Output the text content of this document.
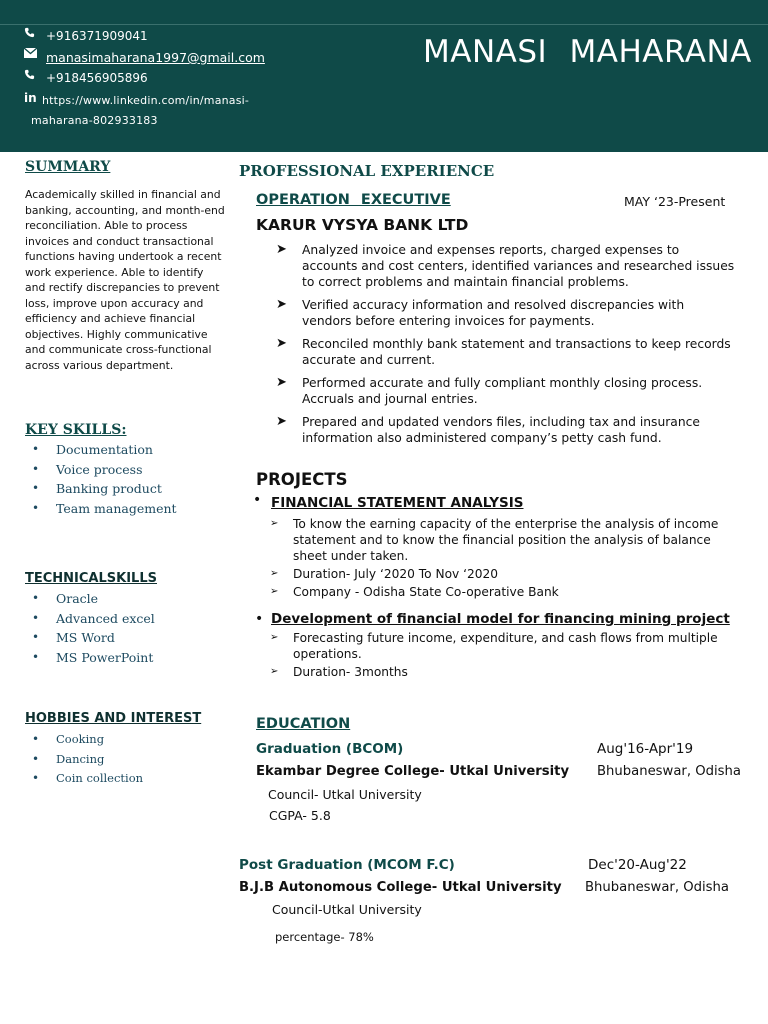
+916371909041
manasimaharana1997@gmail.com
+918456905896
in https://www.linkedin.com/in/manasi-
maharana-802933183
MANASI MAHARANA
SUMMARY
Academically skilled in financial and banking, accounting, and month-end reconciliation. Able to process invoices and conduct transactional functions having undertook a recent work experience. Able to identify and rectify discrepancies to prevent loss, improve upon accuracy and efficiency and achieve financial objectives. Highly communicative and communicate cross-functional across various department.
KEY SKILLS:
• Documentation
• Voice process
• Banking product
• Team management
TECHNICALSKILLS
• Oracle
• Advanced excel
• MS Word
• MS PowerPoint
HOBBIES AND INTEREST
• Cooking
• Dancing
• Coin collection
PROFESSIONAL EXPERIENCE
OPERATION EXECUTIVE	MAY ‘23-Present
KARUR VYSYA BANK LTD
➤ Analyzed invoice and expenses reports, charged expenses to accounts and cost centers, identified variances and researched issues to correct problems and maintain financial problems.
➤ Verified accuracy information and resolved discrepancies with vendors before entering invoices for payments.
➤ Reconciled monthly bank statement and transactions to keep records accurate and current.
➤ Performed accurate and fully compliant monthly closing process. Accruals and journal entries.
➤ Prepared and updated vendors files, including tax and insurance information also administered company’s petty cash fund.
PROJECTS
• FINANCIAL STATEMENT ANALYSIS
➢ To know the earning capacity of the enterprise the analysis of income statement and to know the financial position the analysis of balance sheet under taken.
➢ Duration- July ‘2020 To Nov ‘2020
➢ Company - Odisha State Co-operative Bank
• Development of financial model for financing mining project
➢ Forecasting future income, expenditure, and cash flows from multiple operations.
➢ Duration- 3months
EDUCATION
Graduation (BCOM)	Aug'16-Apr'19
Ekambar Degree College- Utkal University Bhubaneswar, Odisha
Council- Utkal University
CGPA- 5.8
Post Graduation (MCOM F.C)	Dec'20-Aug'22
B.J.B Autonomous College- Utkal University Bhubaneswar, Odisha
Council-Utkal University
percentage- 78%
